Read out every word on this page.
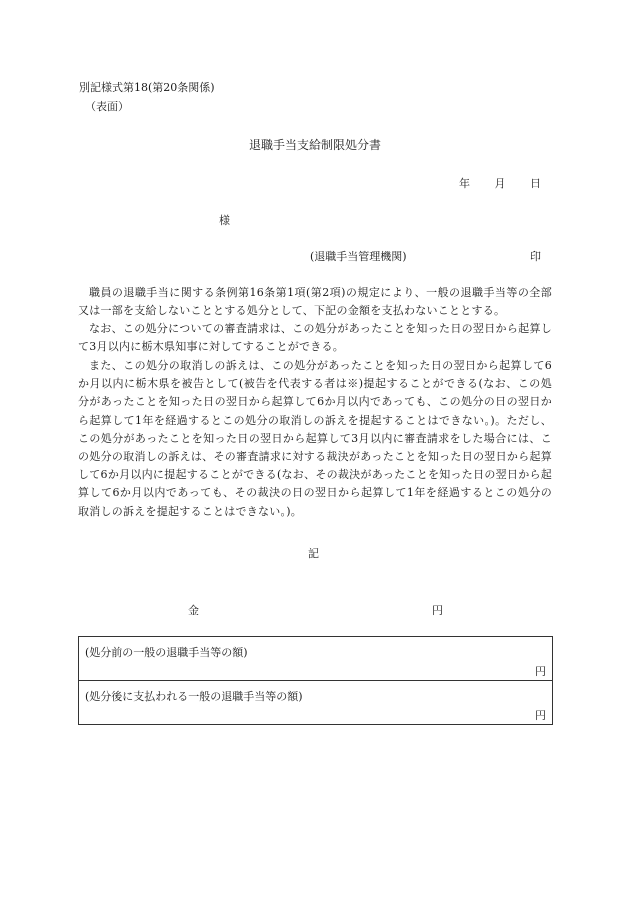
別記様式第18(第20条関係)
（表面）
退職手当支給制限処分書
年 月 日
様
(退職手当管理機関)	印

職員の退職手当に関する条例第16条第1項(第2項)の規定により、一般の退職手当等の全部又は一部を支給しないこととする処分として、下記の金額を支払わないこととする。

なお、この処分についての審査請求は、この処分があったことを知った日の翌日から起算して3月以内に栃木県知事に対してすることができる。

また、この処分の取消しの訴えは、この処分があったことを知った日の翌日から起算して6か月以内に栃木県を被告として(被告を代表する者は※)提起することができる(なお、この処分があったことを知った日の翌日から起算して6か月以内であっても、この処分の日の翌日から起算して1年を経過するとこの処分の取消しの訴えを提起することはできない。)。ただし、この処分があったことを知った日の翌日から起算して3月以内に審査請求をした場合には、この処分の取消しの訴えは、その審査請求に対する裁決があったことを知った日の翌日から起算して6か月以内に提起することができる(なお、その裁決があったことを知った日の翌日から起算して6か月以内であっても、その裁決の日の翌日から起算して1年を経過するとこの処分の取消しの訴えを提起することはできない。)。

記
金	円
(処分前の一般の退職手当等の額)
円

(処分後に支払われる一般の退職手当等の額)
円
